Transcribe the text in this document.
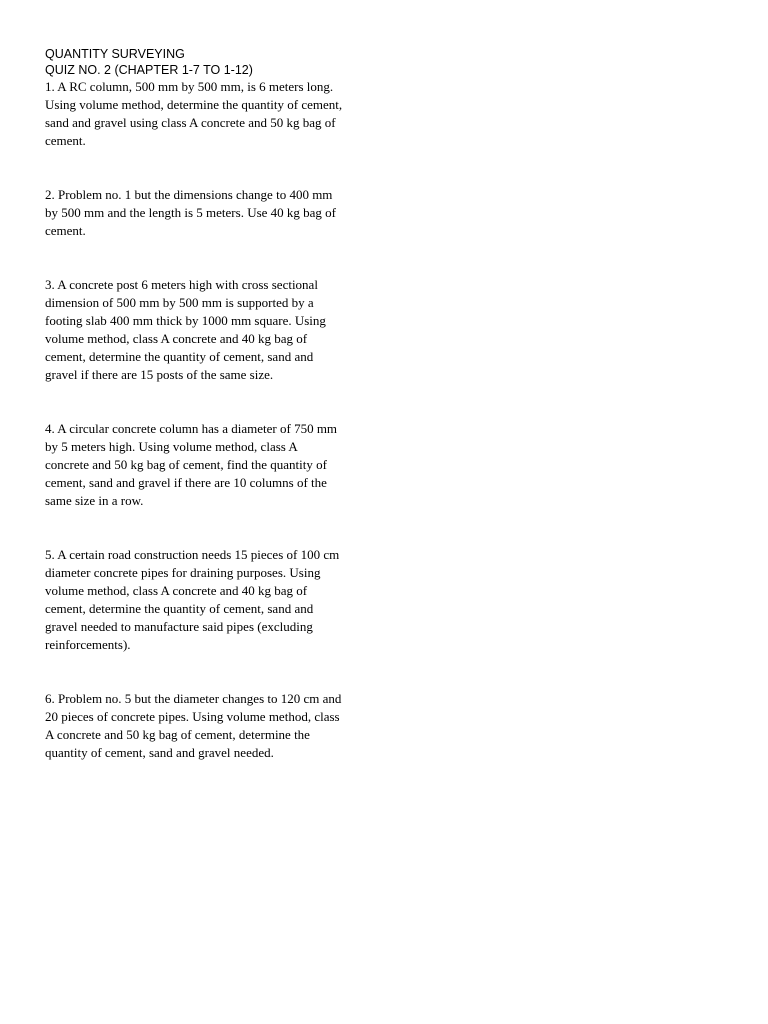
QUANTITY SURVEYING
QUIZ NO. 2 (CHAPTER 1-7 TO 1-12)
1. A RC column, 500 mm by 500 mm, is 6 meters long.
Using volume method, determine the quantity of cement,
sand and gravel using class A concrete and 50 kg bag of
cement.
2. Problem no. 1 but the dimensions change to 400 mm
by 500 mm and the length is 5 meters. Use 40 kg bag of
cement.
3. A concrete post 6 meters high with cross sectional
dimension of 500 mm by 500 mm is supported by a
footing slab 400 mm thick by 1000 mm square. Using
volume method, class A concrete and 40 kg bag of
cement, determine the quantity of cement, sand and
gravel if there are 15 posts of the same size.
4. A circular concrete column has a diameter of 750 mm
by 5 meters high. Using volume method, class A
concrete and 50 kg bag of cement, find the quantity of
cement, sand and gravel if there are 10 columns of the
same size in a row.
5. A certain road construction needs 15 pieces of 100 cm
diameter concrete pipes for draining purposes. Using
volume method, class A concrete and 40 kg bag of
cement, determine the quantity of cement, sand and
gravel needed to manufacture said pipes (excluding
reinforcements).
6. Problem no. 5 but the diameter changes to 120 cm and
20 pieces of concrete pipes. Using volume method, class
A concrete and 50 kg bag of cement, determine the
quantity of cement, sand and gravel needed.
